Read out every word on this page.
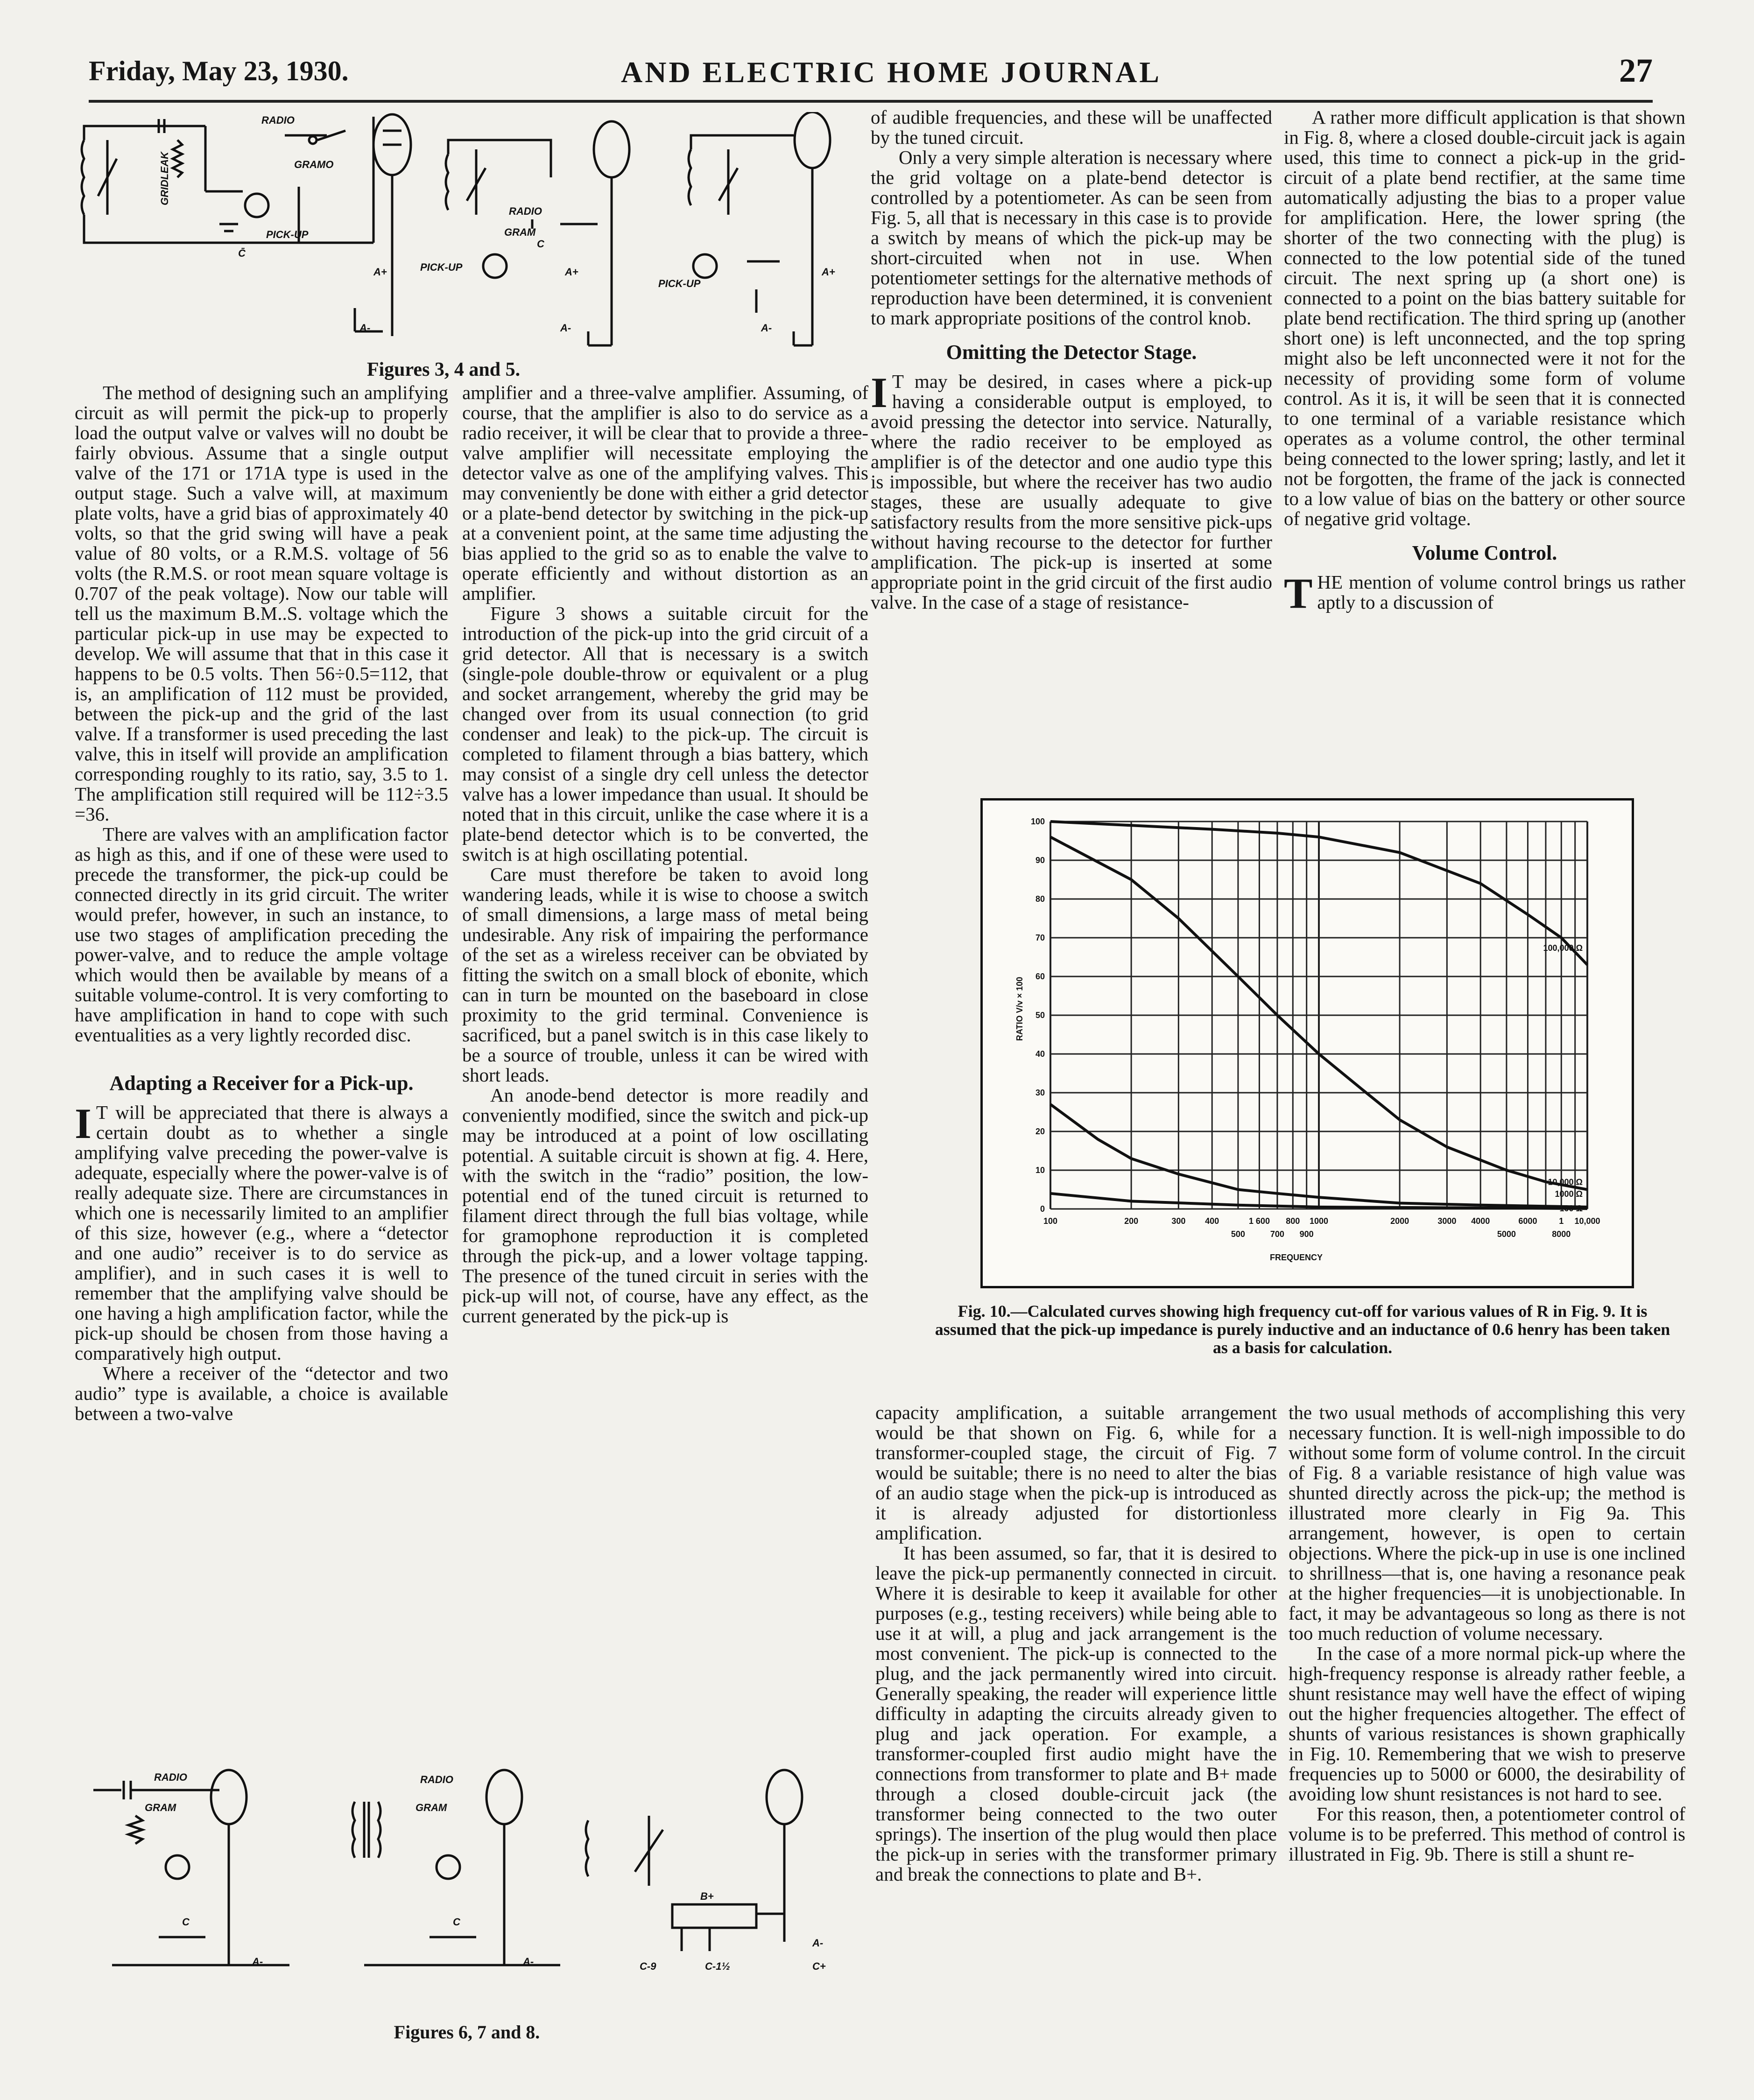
Friday, May 23, 1930.	AND ELECTRIC HOME JOURNAL	27
RADIO
GRAMO
GRIDLEAK
PICK-UP
C̄
A+
A-
RADIO
GRAM
C
PICK-UP	A+
A-
PICK-UP
A+
A-
Figures 3, 4 and 5.

The method of designing such an amplifying circuit as will permit the pick-up to properly load the output valve or valves will no doubt be fairly obvious. Assume that a single output valve of the 171 or 171A type is used in the output stage. Such a valve will, at maximum plate volts, have a grid bias of approximately 40 volts, so that the grid swing will have a peak value of 80 volts, or a R.M.S. voltage of 56 volts (the R.M.S. or root mean square voltage is 0.707 of the peak voltage). Now our table will tell us the maximum B.M..S. voltage which the particular pick-up in use may be expected to develop. We will assume that that in this case it happens to be 0.5 volts. Then 56÷0.5=112, that is, an amplification of 112 must be provided, between the pick-up and the grid of the last valve. If a transformer is used preceding the last valve, this in itself will provide an amplification corresponding roughly to its ratio, say, 3.5 to 1. The amplification still required will be 112÷3.5 =36.

There are valves with an amplification factor as high as this, and if one of these were used to precede the transformer, the pick-up could be connected directly in its grid circuit. The writer would prefer, however, in such an instance, to use two stages of amplification preceding the power-valve, and to reduce the ample voltage which would then be available by means of a suitable volume-control. It is very comforting to have amplification in hand to cope with such eventualities as a very lightly recorded disc.

Adapting a Receiver for a Pick-up.

IT will be appreciated that there is always a certain doubt as to whether a single amplifying valve preceding the power-valve is adequate, especially where the power-valve is of really adequate size. There are circumstances in which one is necessarily limited to an amplifier of this size, however (e.g., where a “detector and one audio” receiver is to do service as amplifier), and in such cases it is well to remember that the amplifying valve should be one having a high amplification factor, while the pick-up should be chosen from those having a comparatively high output.

Where a receiver of the “detector and two audio” type is available, a choice is available between a two-valve

amplifier and a three-valve amplifier. Assuming, of course, that the amplifier is also to do service as a radio receiver, it will be clear that to provide a three-valve amplifier will necessitate employing the detector valve as one of the amplifying valves. This may conveniently be done with either a grid detector or a plate-bend detector by switching in the pick-up at a convenient point, at the same time adjusting the bias applied to the grid so as to enable the valve to operate efficiently and without distortion as an amplifier.

Figure 3 shows a suitable circuit for the introduction of the pick-up into the grid circuit of a grid detector. All that is necessary is a switch (single-pole double-throw or equivalent or a plug and socket arrangement, whereby the grid may be changed over from its usual connection (to grid condenser and leak) to the pick-up. The circuit is completed to filament through a bias battery, which may consist of a single dry cell unless the detector valve has a lower impedance than usual. It should be noted that in this circuit, unlike the case where it is a plate-bend detector which is to be converted, the switch is at high oscillating potential.

Care must therefore be taken to avoid long wandering leads, while it is wise to choose a switch of small dimensions, a large mass of metal being undesirable. Any risk of impairing the performance of the set as a wireless receiver can be obviated by fitting the switch on a small block of ebonite, which can in turn be mounted on the baseboard in close proximity to the grid terminal. Convenience is sacrificed, but a panel switch is in this case likely to be a source of trouble, unless it can be wired with short leads.

An anode-bend detector is more readily and conveniently modified, since the switch and pick-up may be introduced at a point of low oscillating potential. A suitable circuit is shown at fig. 4. Here, with the switch in the “radio” position, the low-potential end of the tuned circuit is returned to filament direct through the full bias voltage, while for gramophone reproduction it is completed through the pick-up, and a lower voltage tapping. The presence of the tuned circuit in series with the pick-up will not, of course, have any effect, as the current generated by the pick-up is

of audible frequencies, and these will be unaffected by the tuned circuit.

Only a very simple alteration is necessary where the grid voltage on a plate-bend detector is controlled by a potentiometer. As can be seen from Fig. 5, all that is necessary in this case is to provide a switch by means of which the pick-up may be short-circuited when not in use. When potentiometer settings for the alternative methods of reproduction have been determined, it is convenient to mark appropriate positions of the control knob.

Omitting the Detector Stage.

IT may be desired, in cases where a pick-up having a considerable output is employed, to avoid pressing the detector into service. Naturally, where the radio receiver to be employed as amplifier is of the detector and one audio type this is impossible, but where the receiver has two audio stages, these are usually adequate to give satisfactory results from the more sensitive pick-ups without having recourse to the detector for further amplification. The pick-up is inserted at some appropriate point in the grid circuit of the first audio valve. In the case of a stage of resistance-

A rather more difficult application is that shown in Fig. 8, where a closed double-circuit jack is again used, this time to connect a pick-up in the grid-circuit of a plate bend rectifier, at the same time automatically adjusting the bias to a proper value for amplification. Here, the lower spring (the shorter of the two connecting with the plug) is connected to the low potential side of the tuned circuit. The next spring up (a short one) is connected to a point on the bias battery suitable for plate bend rectification. The third spring up (another short one) is left unconnected, and the top spring might also be left unconnected were it not for the necessity of providing some form of volume control. As it is, it will be seen that it is connected to one terminal of a variable resistance which operates as a volume control, the other terminal being connected to the lower spring; lastly, and let it not be forgotten, the frame of the jack is connected to a low value of bias on the battery or other source of negative grid voltage.

Volume Control.

THE mention of volume control brings us rather aptly to a discussion of

0
10
20
30
40
50
60
70
80
90
100
100	200	300 400	1 600 800 1000	2000	3000 4000	6000	1 10,000
500	700 900	5000	8000
100,000 Ω
10,000 Ω
1000 Ω
100 Ω
RATIO V/v × 100
FREQUENCY
Fig. 10.—Calculated curves showing high frequency cut-off for various values of R in Fig. 9. It is assumed that the pick-up impedance is purely inductive and an inductance of 0.6 henry has been taken as a basis for calculation.

capacity amplification, a suitable arrangement would be that shown on Fig. 6, while for a transformer-coupled stage, the circuit of Fig. 7 would be suitable; there is no need to alter the bias of an audio stage when the pick-up is introduced as it is already adjusted for distortionless amplification.

It has been assumed, so far, that it is desired to leave the pick-up permanently connected in circuit. Where it is desirable to keep it available for other purposes (e.g., testing receivers) while being able to use it at will, a plug and jack arrangement is the most convenient. The pick-up is connected to the plug, and the jack permanently wired into circuit. Generally speaking, the reader will experience little difficulty in adapting the circuits already given to plug and jack operation. For example, a transformer-coupled first audio might have the connections from transformer to plate and B+ made through a closed double-circuit jack (the transformer being connected to the two outer springs). The insertion of the plug would then place the pick-up in series with the transformer primary and break the connections to plate and B+.

the two usual methods of accomplishing this very necessary function. It is well-nigh impossible to do without some form of volume control. In the circuit of Fig. 8 a variable resistance of high value was shunted directly across the pick-up; the method is illustrated more clearly in Fig 9a. This arrangement, however, is open to certain objections. Where the pick-up in use is one inclined to shrillness—that is, one having a resonance peak at the higher frequencies—it is unobjectionable. In fact, it may be advantageous so long as there is not too much reduction of volume necessary.

In the case of a more normal pick-up where the high-frequency response is already rather feeble, a shunt resistance may well have the effect of wiping out the higher frequencies altogether. The effect of shunts of various resistances is shown graphically in Fig. 10. Remembering that we wish to preserve frequencies up to 5000 or 6000, the desirability of avoiding low shunt resistances is not hard to see.

For this reason, then, a potentiometer control of volume is to be preferred. This method of control is illustrated in Fig. 9b. There is still a shunt re-

RADIO
GRAM
C
A-
RADIO
GRAM
C
A-
B+
A-
C+
C-9	C-1½
Figures 6, 7 and 8.
